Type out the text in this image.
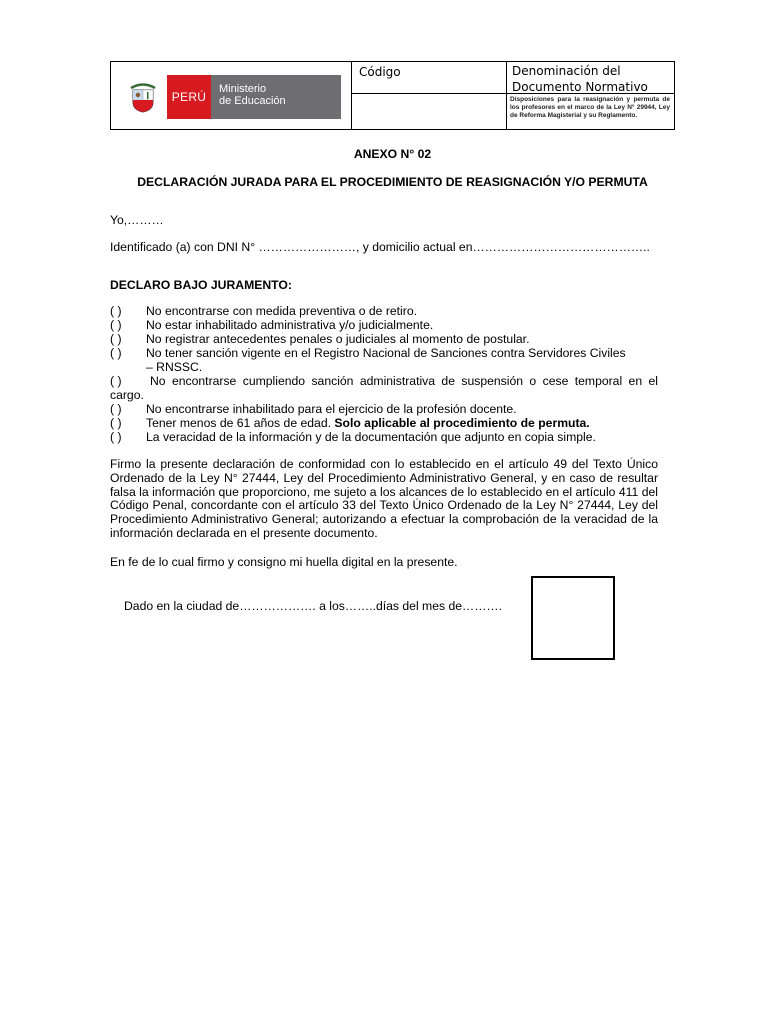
PERÚ
Ministerio
de Educación
Código	Denominación del Documento Normativo
Disposiciones para la reasignación y permuta de los profesores en el marco de la Ley N° 29944, Ley de Reforma Magisterial y su Reglamento.
ANEXO N° 02
DECLARACIÓN JURADA PARA EL PROCEDIMIENTO DE REASIGNACIÓN Y/O PERMUTA
Yo,………
Identificado (a) con DNI N° ……………………, y domicilio actual en……………………………………..
DECLARO BAJO JURAMENTO:
( ) No encontrarse con medida preventiva o de retiro.
( ) No estar inhabilitado administrativa y/o judicialmente.
( ) No registrar antecedentes penales o judiciales al momento de postular.
( ) No tener sanción vigente en el Registro Nacional de Sanciones contra Servidores Civiles
– RNSSC.
( ) No encontrarse cumpliendo sanción administrativa de suspensión o cese temporal en el cargo.
( ) No encontrarse inhabilitado para el ejercicio de la profesión docente.
( ) Tener menos de 61 años de edad. Solo aplicable al procedimiento de permuta.
( ) La veracidad de la información y de la documentación que adjunto en copia simple.
Firmo la presente declaración de conformidad con lo establecido en el artículo 49 del Texto Único Ordenado de la Ley N° 27444, Ley del Procedimiento Administrativo General, y en caso de resultar falsa la información que proporciono, me sujeto a los alcances de lo establecido en el artículo 411 del Código Penal, concordante con el artículo 33 del Texto Único Ordenado de la Ley N° 27444, Ley del Procedimiento Administrativo General; autorizando a efectuar la comprobación de la veracidad de la información declarada en el presente documento.
En fe de lo cual firmo y consigno mi huella digital en la presente.
Dado en la ciudad de………………. a los……..días del mes de……….
